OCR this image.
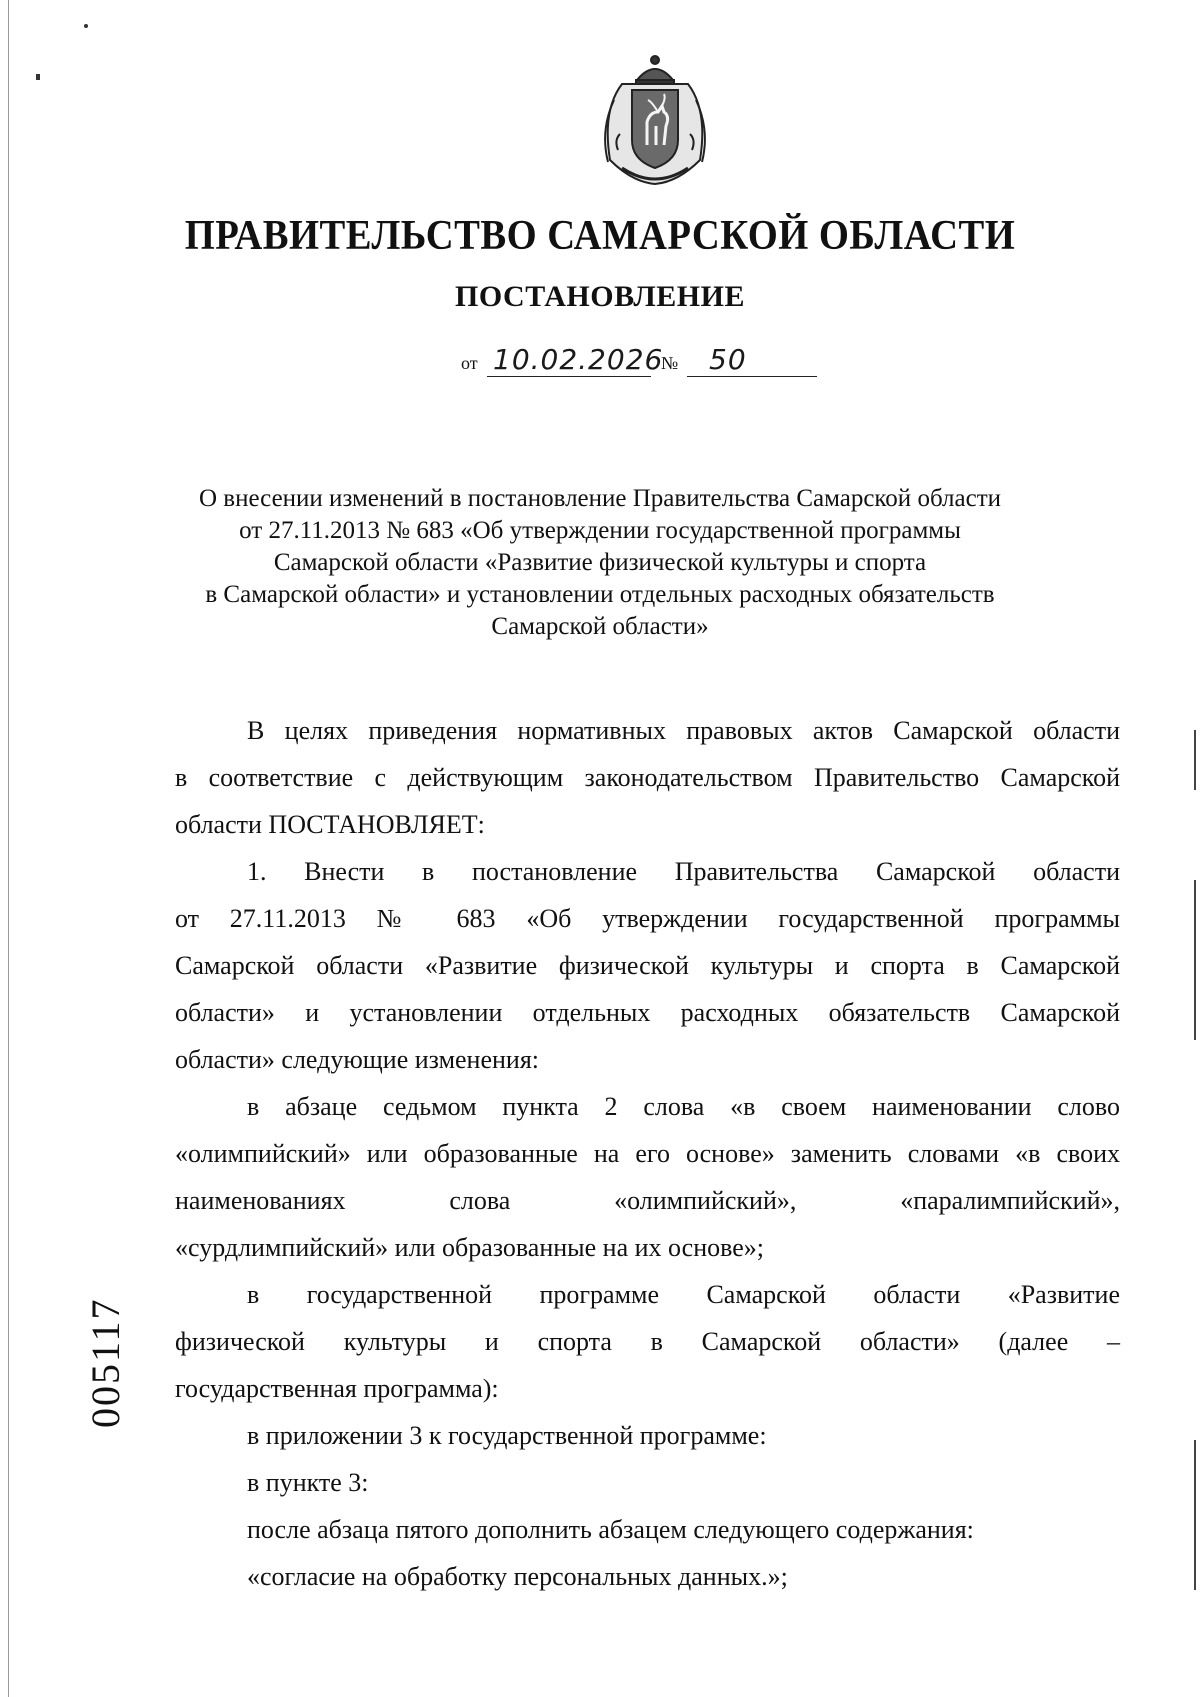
ПРАВИТЕЛЬСТВО САМАРСКОЙ ОБЛАСТИ
ПОСТАНОВЛЕНИЕ
от 10.02.2026
№ 50

О внесении изменений в постановление Правительства Самарской области
от 27.11.2013 № 683 «Об утверждении государственной программы
Самарской области «Развитие физической культуры и спорта
в Самарской области» и установлении отдельных расходных обязательств
Самарской области»

В целях приведения нормативных правовых актов Самарской области
в соответствие с действующим законодательством Правительство Самарской
области ПОСТАНОВЛЯЕТ:

1. Внести в постановление Правительства Самарской области
от 27.11.2013 № 683 «Об утверждении государственной программы
Самарской области «Развитие физической культуры и спорта в Самарской
области» и установлении отдельных расходных обязательств Самарской
области» следующие изменения:

в абзаце седьмом пункта 2 слова «в своем наименовании слово
«олимпийский» или образованные на его основе» заменить словами «в своих
наименованиях слова «олимпийский», «паралимпийский»,
«сурдлимпийский» или образованные на их основе»;

в государственной программе Самарской области «Развитие
физической культуры и спорта в Самарской области» (далее –
государственная программа):

в приложении 3 к государственной программе:

в пункте 3:

после абзаца пятого дополнить абзацем следующего содержания:

«согласие на обработку персональных данных.»;

005117
